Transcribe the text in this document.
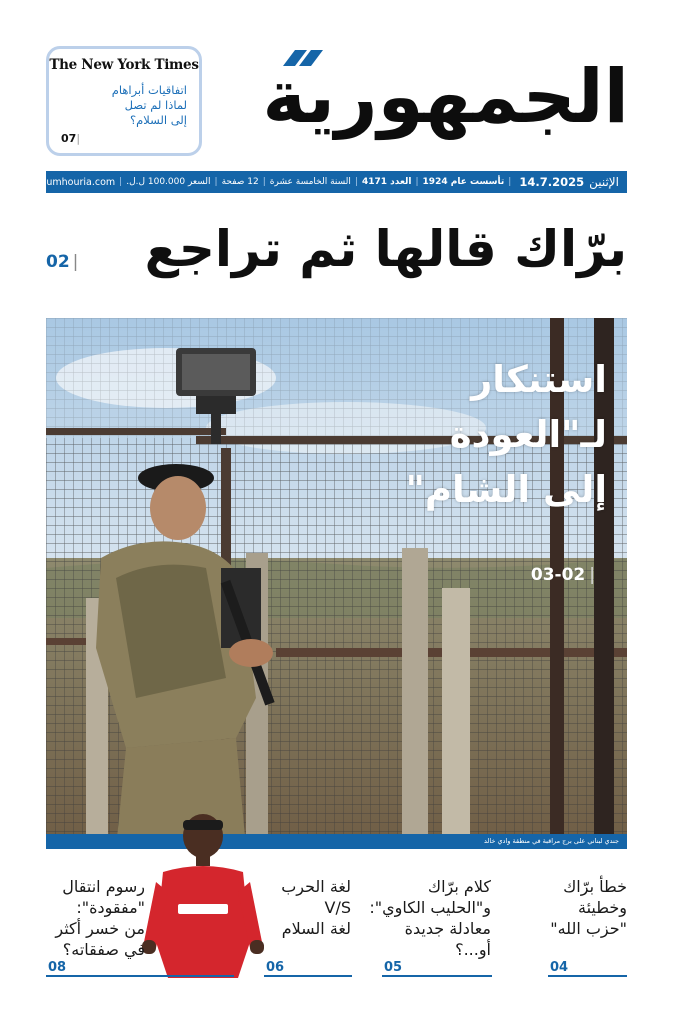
The New York Times
اتفاقيات أبراهام
لماذا لم تصل
إلى السلام؟
07| الجمهورية
الإثنين
14.7.2025
|
تأسست عام 1924
|
العدد 4171
|
السنة الخامسة عشرة
|
12 صفحة
|
السعر 100.000 ل.ل.
|
www.aljoumhouria.com
برّاك قالها ثم تراجع
02 |
استنكار
لـ"العودة
إلى الشام"
|03-02
جندي لبناني على برج مراقبة في منطقة وادي خالد
خطأ برّاك
وخطيئة
"حزب الله"
04
كلام برّاك
و"الحليب الكاوي":
معادلة جديدة
أو...؟
05
لغة الحرب
V/S
لغة السلام
06
رسوم انتقال
"مفقودة":
من خسر أكثر
في صفقاته؟
08
